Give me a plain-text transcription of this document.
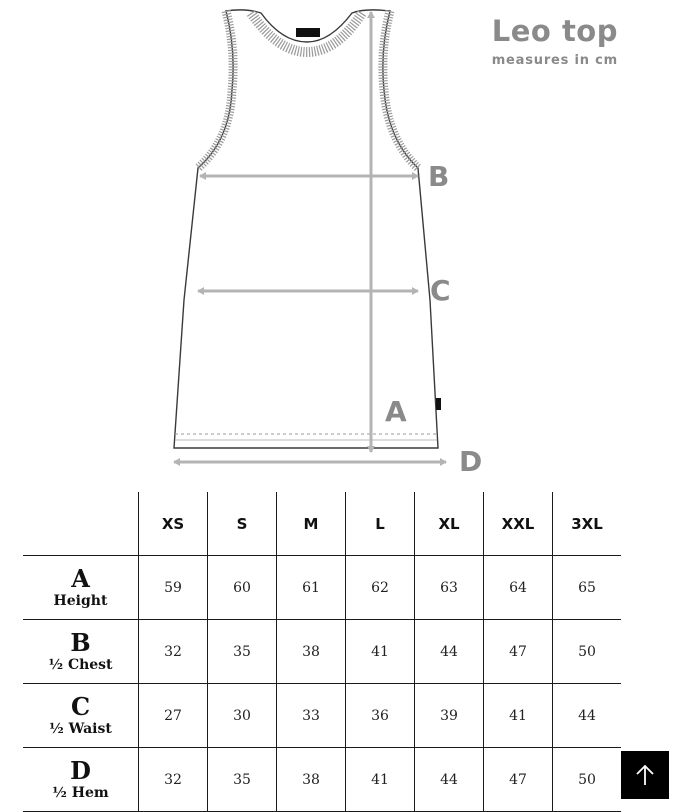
Leo top
measures in cm
B
C
A
D
	XS	S	M	L	XL	XXL	3XL

A
Height	59	60	61	62	63	64	65

B
½ Chest	32	35	38	41	44	47	50

C
½ Waist	27	30	33	36	39	41	44

D
½ Hem	32	35	38	41	44	47	50
